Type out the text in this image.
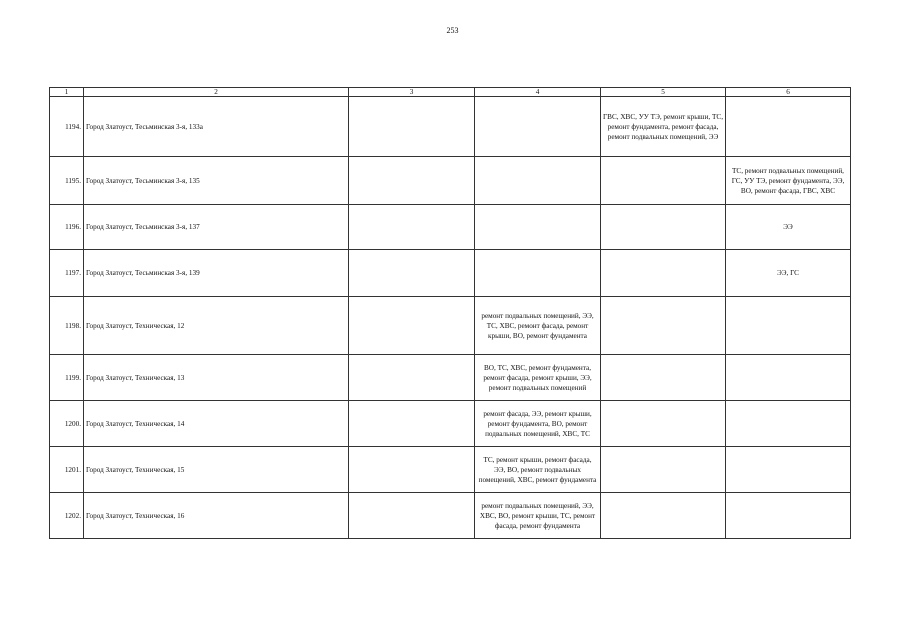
253
1	2	3	4	5	6
1194.	Город Златоуст, Тесьминская 3-я, 133а			ГВС, ХВС, УУ ТЭ, ремонт крыши, ТС, ремонт фундамента, ремонт фасада, ремонт подвальных помещений, ЭЭ	
1195.	Город Златоуст, Тесьминская 3-я, 135				ТС, ремонт подвальных помещений, ГС, УУ ТЭ, ремонт фундамента, ЭЭ, ВО, ремонт фасада, ГВС, ХВС
1196.	Город Златоуст, Тесьминская 3-я, 137				ЭЭ
1197.	Город Златоуст, Тесьминская 3-я, 139				ЭЭ, ГС
1198.	Город Златоуст, Техническая, 12		ремонт подвальных помещений, ЭЭ, ТС, ХВС, ремонт фасада, ремонт крыши, ВО, ремонт фундамента		
1199.	Город Златоуст, Техническая, 13		ВО, ТС, ХВС, ремонт фундамента, ремонт фасада, ремонт крыши, ЭЭ, ремонт подвальных помещений		
1200.	Город Златоуст, Техническая, 14		ремонт фасада, ЭЭ, ремонт крыши, ремонт фундамента, ВО, ремонт подвальных помещений, ХВС, ТС		
1201.	Город Златоуст, Техническая, 15		ТС, ремонт крыши, ремонт фасада, ЭЭ, ВО, ремонт подвальных помещений, ХВС, ремонт фундамента		
1202.	Город Златоуст, Техническая, 16		ремонт подвальных помещений, ЭЭ, ХВС, ВО, ремонт крыши, ТС, ремонт фасада, ремонт фундамента		
